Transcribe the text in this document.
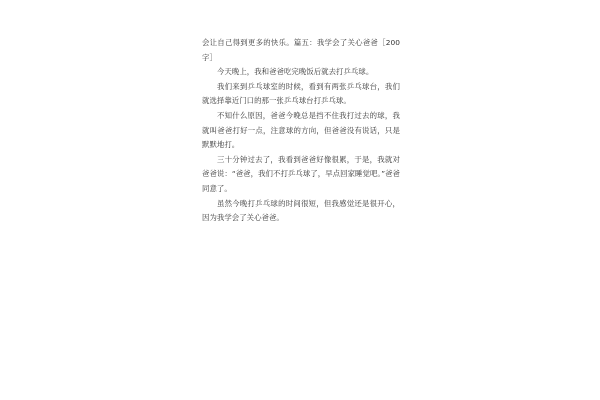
会让自己得到更多的快乐。篇五：我学会了关心爸爸［200字］

今天晚上，我和爸爸吃完晚饭后就去打乒乓球。

我们来到乒乓球室的时候，看到有两张乒乓球台，我们就选择靠近门口的那一张乒乓球台打乒乓球。

不知什么原因，爸爸今晚总是挡不住我打过去的球，我就叫爸爸打好一点，注意球的方向，但爸爸没有说话，只是默默地打。

三十分钟过去了，我看到爸爸好像很累，于是，我就对爸爸说：“爸爸，我们不打乒乓球了，早点回家睡觉吧。”爸爸同意了。

虽然今晚打乒乓球的时间很短，但我感觉还是很开心，因为我学会了关心爸爸。
